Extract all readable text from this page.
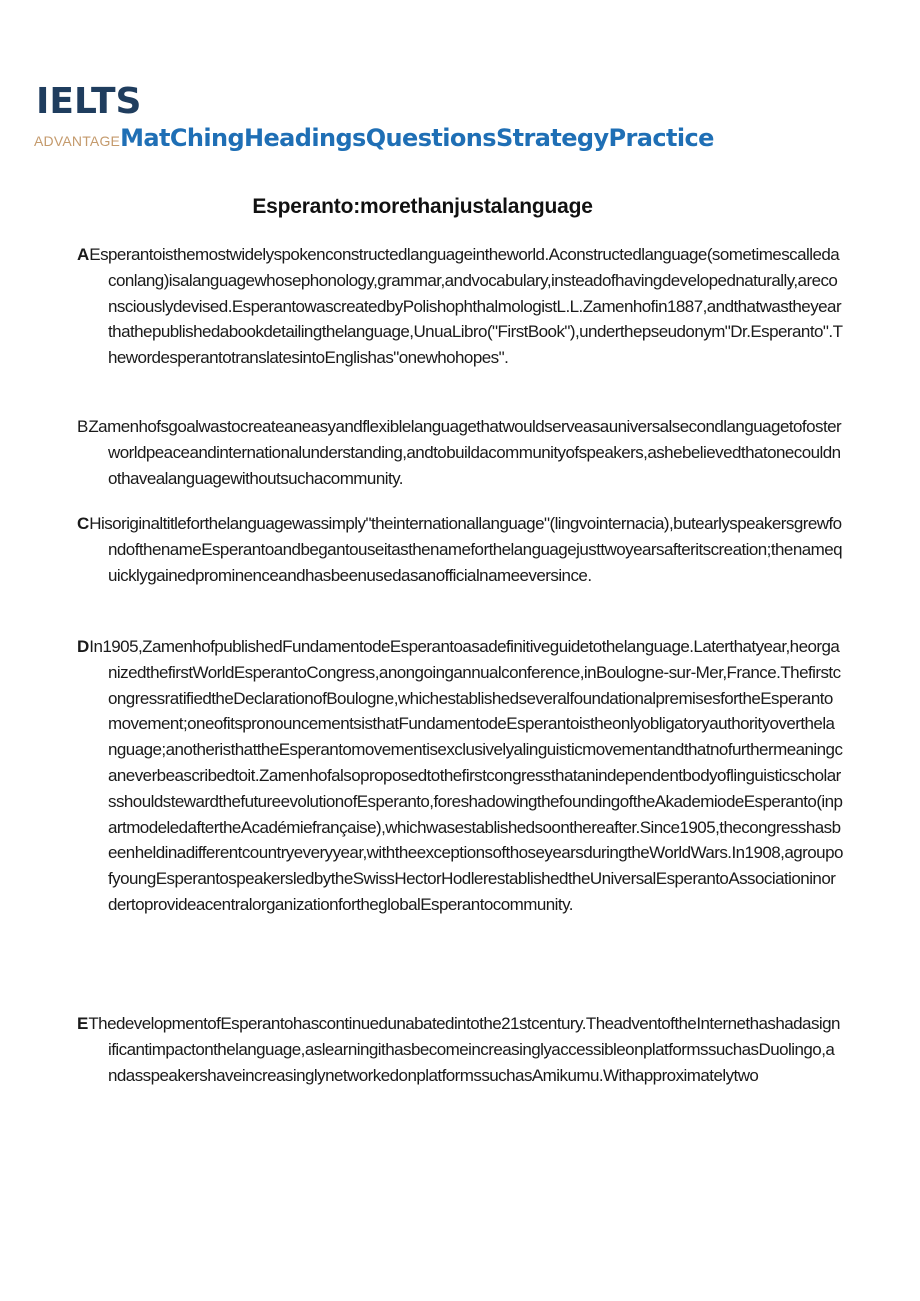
IELTS
ADVANTAGEMatChingHeadingsQuestionsStrategyPractice
Esperanto:morethanjustalanguage

AEsperantoisthemostwidelyspokenconstructedlanguageintheworld.Aconstructedlanguage(sometimescalledaconlang)isalanguagewhosephonology,grammar,andvocabulary,insteadofhavingdevelopednaturally,areconsciouslydevised.EsperantowascreatedbyPolishophthalmologistL.L.Zamenhofin1887,andthatwastheyearthathepublishedabookdetailingthelanguage,UnuaLibro("FirstBook"),underthepseudonym"Dr.Esperanto".ThewordesperantotranslatesintoEnglishas"onewhohopes".

BZamenhofsgoalwastocreateaneasyandflexiblelanguagethatwouldserveasauniversalsecondlanguagetofosterworldpeaceandinternationalunderstanding,andtobuildacommunityofspeakers,ashebelievedthatonecouldnothavealanguagewithoutsuchacommunity.

CHisoriginaltitleforthelanguagewassimply"theinternationallanguage"(lingvointernacia),butearlyspeakersgrewfondofthenameEsperantoandbegantouseitasthenameforthelanguagejusttwoyearsafteritscreation;thenamequicklygainedprominenceandhasbeenusedasanofficialnameeversince.

DIn1905,ZamenhofpublishedFundamentodeEsperantoasadefinitiveguidetothelanguage.Laterthatyear,heorganizedthefirstWorldEsperantoCongress,anongoingannualconference,inBoulogne-sur-Mer,France.ThefirstcongressratifiedtheDeclarationofBoulogne,whichestablishedseveralfoundationalpremisesfortheEsperantomovement;oneofitspronouncementsisthatFundamentodeEsperantoistheonlyobligatoryauthorityoverthelanguage;anotheristhattheEsperantomovementisexclusivelyalinguisticmovementandthatnofurthermeaningcaneverbeascribedtoit.ZamenhofalsoproposedtothefirstcongressthatanindependentbodyoflinguisticscholarsshouldstewardthefutureevolutionofEsperanto,foreshadowingthefoundingoftheAkademiodeEsperanto(inpartmodeledaftertheAcadémiefrançaise),whichwasestablishedsoonthereafter.Since1905,thecongresshasbeenheldinadifferentcountryeveryyear,withtheexceptionsofthoseyearsduringtheWorldWars.In1908,agroupofyoungEsperantospeakersledbytheSwissHectorHodlerestablishedtheUniversalEsperantoAssociationinordertoprovideacentralorganizationfortheglobalEsperantocommunity.

EThedevelopmentofEsperantohascontinuedunabatedintothe21stcentury.TheadventoftheInternethashadasignificantimpactonthelanguage,aslearningithasbecomeincreasinglyaccessibleonplatformssuchasDuolingo,andasspeakershaveincreasinglynetworkedonplatformssuchasAmikumu.Withapproximatelytwo
